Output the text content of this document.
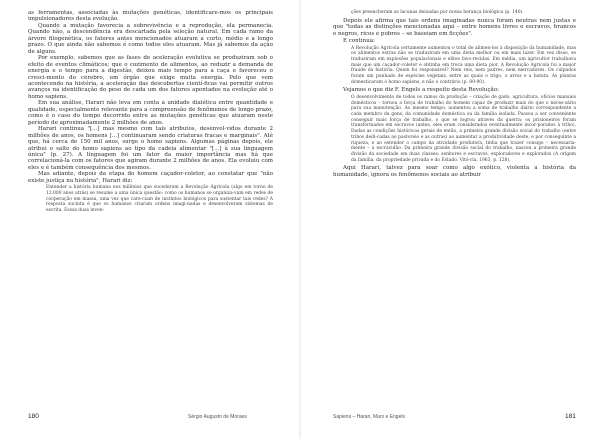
as ferramentas, associadas às mutações genéticas, identificare-mos os principais impulsionadores desta evolução.

Quando a mutação favorecia a sobrevivência e a reprodução, ela permanecia. Quando não, a descendência era descartada pela seleção natural. Em cada ramo da árvore filogenética, os fatores antes mencionados atuaram a curto, médio e a longo prazo. O que ainda não sabemos é como todos eles atuaram. Mas já sabemos da ação de alguns.

Por exemplo, sabemos que as fases de aceleração evolutiva se produziram sob o efeito de eventos climáticos; que o cozimento de alimentos, ao reduzir a demanda de energia e o tempo para a digestão, deixou mais tempo para a caça e favoreceu o cresci-mento do cérebro, um órgão que exige muita energia. Pelo que vem acontecendo na história, a aceleração das descobertas cientí-ficas vai permitir outros avanços na identificação do peso de cada um dos fatores apontados na evolução até o homo sapiens.

Em sua análise, Harari não leva em conta a unidade dialética entre quantidade e qualidade, especialmente relevante para a compreensão de fenômenos de longo prazo, como é o caso do tempo decorrido entre as mutações genéticas que atuaram neste período de aproximadamente 2 milhões de anos.

Harari continua "[...] mas mesmo com tais atributos, desenvol-vidos durante 2 milhões de anos, os homens [...] continuaram sendo criaturas fracas e marginais". Até que, há cerca de 150 mil anos, surge o homo sapiens. Algumas páginas depois, ele atribui o salto do homo sapiens ao tipo da cadeia alimentar "[...] à sua linguagem única" (p. 27). A linguagem foi um fator da maior importância mas há que correlacioná-la com os fatores que agiram durante 2 milhões de anos. Ela evoluiu com eles e é também consequência dos mesmos.

Mas adiante, depois da etapa do homem caçador-coletor, ao constatar que "não existe justiça na história", Harari diz:

Entender a história humana nos milênios que sucederam a Revolução Agrícola (algo em torno de 12.000 anos atrás) se resume a uma única questão: como os humanos se organiza-vam em redes de cooperação em massa, uma vez que care-ciam de instintos biológicos para sustentar tais redes? A resposta sucinta é que os humanos criaram ordens imagi-nadas e desenvolveram sistemas de escrita. Essas duas inven-

180	Sérgio Augusto de Moraes

ções preencheram as lacunas deixadas por nossa herança biológica (p. 140).

Depois ele afirma que tais ordens imaginadas nunca foram neutras nem justas e que "todas as distinções mencionadas aqui – entre homens livres e escravos, brancos e negros, ricos e pobres – se baseiam em ficções".

E continua:

A Revolução Agrícola certamente aumentou o total de alimen-tos à disposição da humanidade, mas os alimentos extras não se traduziram em uma dieta melhor ou em mais lazer. Em vez disso, se traduziram em explosões populacionais e elites favo-recidas. Em média, um agricultor trabalhava mais que um caçador-coletor e obtinha em troca uma dieta pior. A Revolução Agrícola foi a maior fraude da história. Quem foi responsável? Nem reis, nem padres, nem mercadores. Os culpados foram um punhado de espécies vegetais, entre as quais o trigo, o arroz e a batata. As plantas domesticaram o homo sapiens, e não o contrário (p. 89-90).

Vejamos o que diz F. Engels a respeito desta Revolução:

O desenvolvimento de todos os ramos da produção – criação de gado, agricultura, ofícios manuais domésticos – tornou a força de trabalho do homem capaz de produzir mais do que o neces-sário para sua manutenção. Ao mesmo tempo, aumentou a soma de trabalho diário correspondente a cada membro da gens, da comunidade doméstica ou da família isolada. Passou a ser conveniente conseguir mais força de trabalho, o que se logrou através da guerra; os prisioneiros foram transformados em escravos (antes, eles eram considerados eventualmente incor-porados à tribo). Dadas as condições históricas gerais de então, a primeira grande divisão social do trabalho (entre tribos dedi-cadas ao pastoreio e as outras) ao aumentar a produtividade deste, e por conseguinte a riqueza, e ao estender o campo da atividade produtora, tinha que trazer consigo – necessaria-mente – a escravidão. Da primeira grande divisão social do trabalho, nasceu a primeira grande divisão da sociedade em duas classes: senhores e escravos, exploradores e explorados (A origem da família, da propriedade privada e do Estado. Vitó-ria, 1963, p. 128).

Aqui Harari, talvez para soar como algo exótico, violenta a história da humanidade, ignora os fenômenos sociais ao atribuir

Sapiens – Harari, Marx e Engels	181
